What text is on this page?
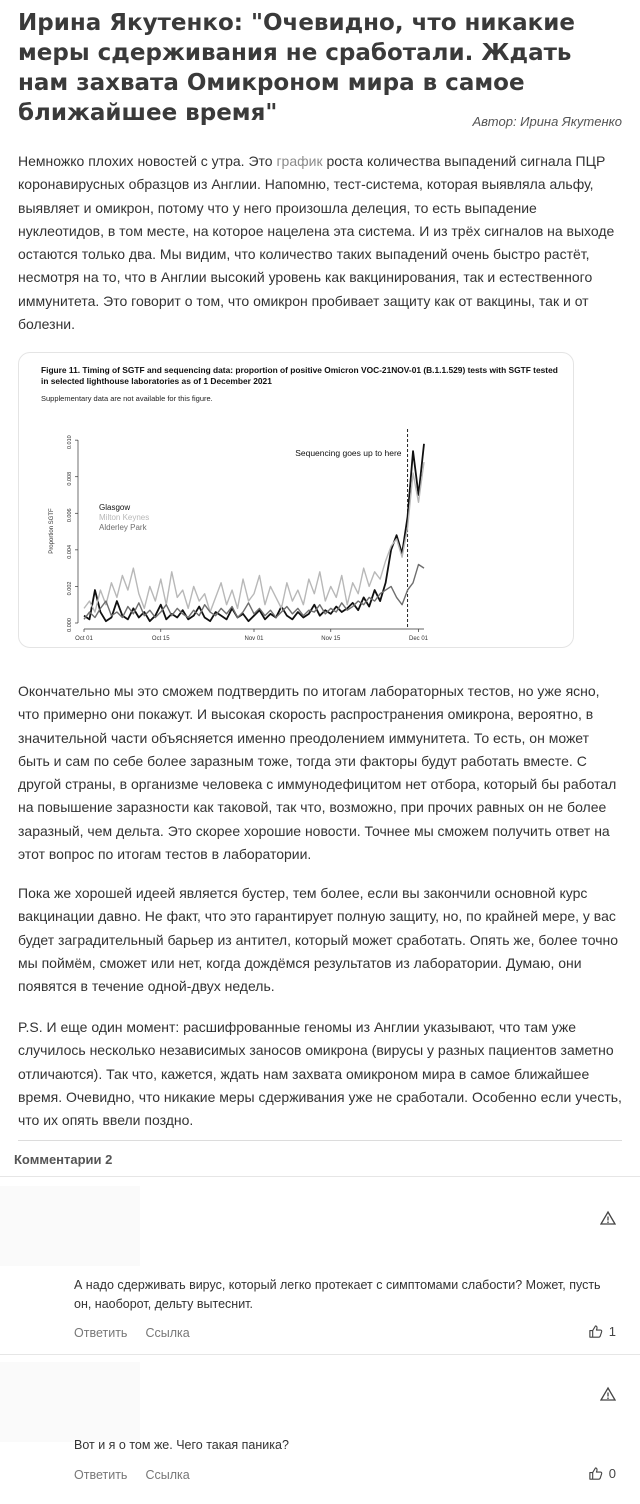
Ирина Якутенко: "Очевидно, что никакие меры сдерживания не сработали. Ждать нам захвата Омикроном мира в самое ближайшее время"	Автор: Ирина Якутенко
Немножко плохих новостей с утра. Это график роста количества выпадений сигнала ПЦР коронавирусных образцов из Англии. Напомню, тест-система, которая выявляла альфу, выявляет и омикрон, потому что у него произошла делеция, то есть выпадение нуклеотидов, в том месте, на которое нацелена эта система. И из трёх сигналов на выходе остаются только два. Мы видим, что количество таких выпадений очень быстро растёт, несмотря на то, что в Англии высокий уровень как вакцинирования, так и естественного иммунитета. Это говорит о том, что омикрон пробивает защиту как от вакцины, так и от болезни.
Figure 11. Timing of SGTF and sequencing data: proportion of positive Omicron VOC-21NOV-01 (B.1.1.529) tests with SGTF tested in selected lighthouse laboratories as of 1 December 2021
Supplementary data are not available for this figure.
0.000
0.002
0.004
0.006
0.008
0.010
Oct 01	Oct 15	Nov 01	Nov 15	Dec 01
Sequencing goes up to here
Proportion SGTF
Glasgow
Milton Keynes
Alderley Park
Окончательно мы это сможем подтвердить по итогам лабораторных тестов, но уже ясно, что примерно они покажут. И высокая скорость распространения омикрона, вероятно, в значительной части объясняется именно преодолением иммунитета. То есть, он может быть и сам по себе более заразным тоже, тогда эти факторы будут работать вместе. С другой страны, в организме человека с иммунодефицитом нет отбора, который бы работал на повышение заразности как таковой, так что, возможно, при прочих равных он не более заразный, чем дельта. Это скорее хорошие новости. Точнее мы сможем получить ответ на этот вопрос по итогам тестов в лаборатории.
Пока же хорошей идеей является бустер, тем более, если вы закончили основной курс вакцинации давно. Не факт, что это гарантирует полную защиту, но, по крайней мере, у вас будет заградительный барьер из антител, который может сработать. Опять же, более точно мы поймём, сможет или нет, когда дождёмся результатов из лаборатории. Думаю, они появятся в течение одной-двух недель.
P.S. И еще один момент: расшифрованные геномы из Англии указывают, что там уже случилось несколько независимых заносов омикрона (вирусы у разных пациентов заметно отличаются). Так что, кажется, ждать нам захвата омикроном мира в самое ближайшее время. Очевидно, что никакие меры сдерживания уже не сработали. Особенно если учесть, что их опять ввели поздно.
Комментарии 2
А надо сдерживать вирус, который легко протекает с симптомами слабости? Может, пусть он, наоборот, дельту вытеснит.
Ответить Ссылка	1
Вот и я о том же. Чего такая паника?
Ответить Ссылка	0
